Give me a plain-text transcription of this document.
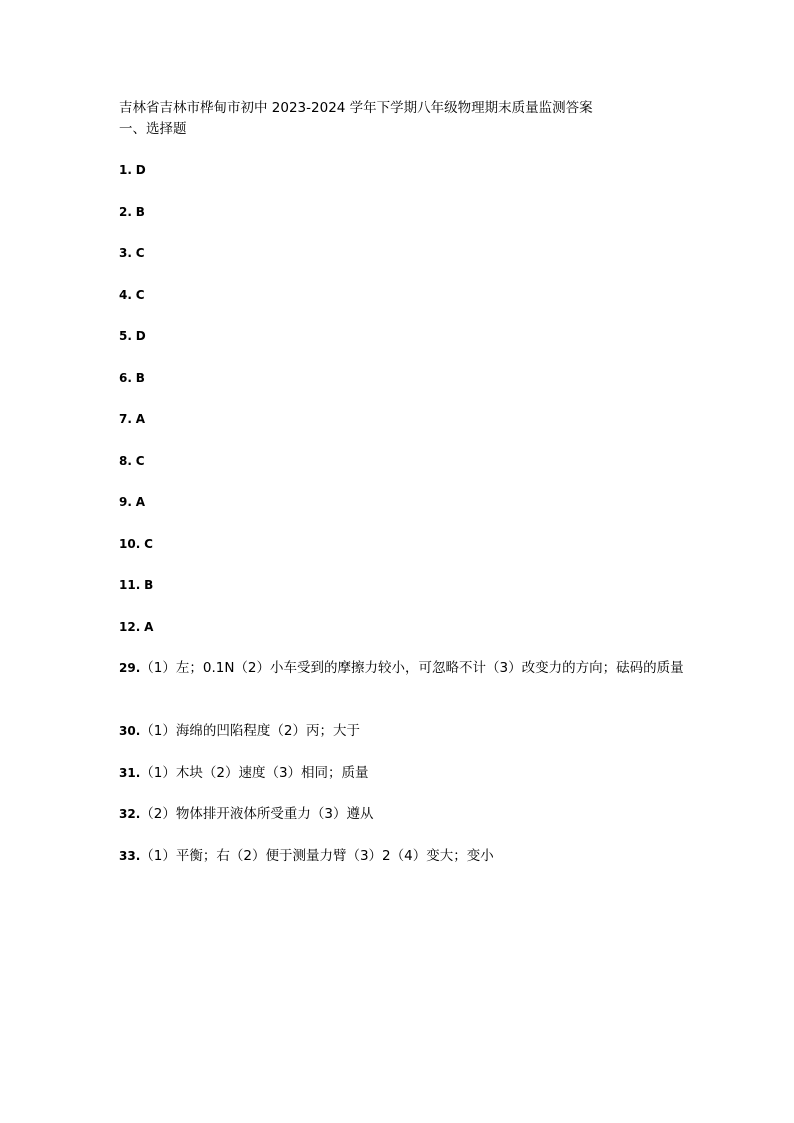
吉林省吉林市桦甸市初中 2023-2024 学年下学期八年级物理期末质量监测答案
一、选择题
1. D
2. B
3. C
4. C
5. D
6. B
7. A
8. C
9. A
10. C
11. B
12. A
29.（1）左；0.1N（2）小车受到的摩擦力较小，可忽略不计（3）改变力的方向；砝码的质量
30.（1）海绵的凹陷程度（2）丙；大于
31.（1）木块（2）速度（3）相同；质量
32.（2）物体排开液体所受重力（3）遵从
33.（1）平衡；右（2）便于测量力臂（3）2（4）变大；变小
